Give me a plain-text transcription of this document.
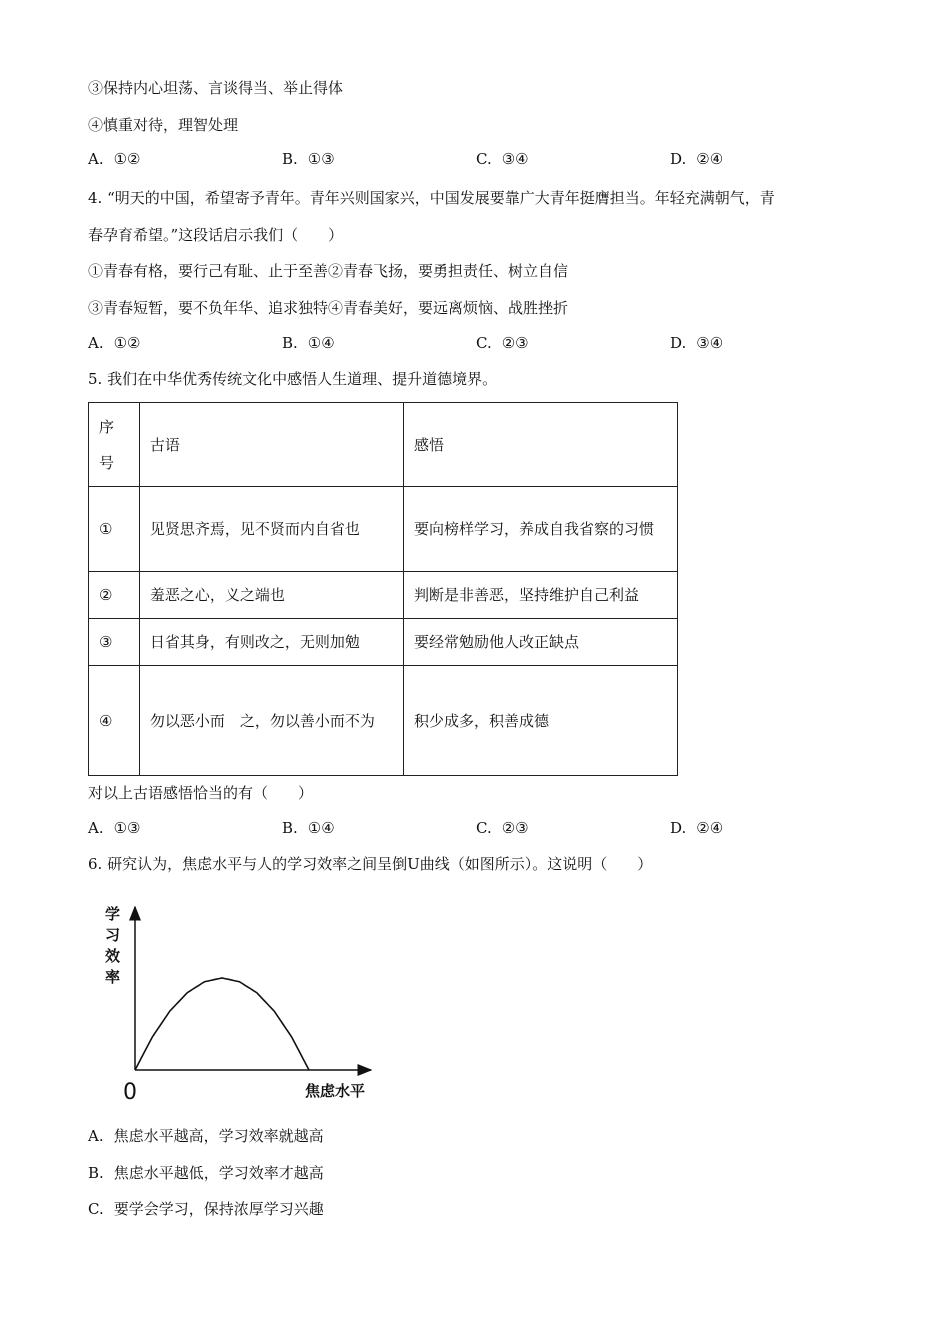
③保持内心坦荡、言谈得当、举止得体
④慎重对待，理智处理
A. ①②	B. ①③	C. ③④	D. ②④
4. “明天的中国，希望寄予青年。青年兴则国家兴，中国发展要靠广大青年挺膺担当。年轻充满朝气，青
春孕育希望。”这段话启示我们（　　）
①青春有格，要行己有耻、止于至善②青春飞扬，要勇担责任、树立自信
③青春短暂，要不负年华、追求独特④青春美好，要远离烦恼、战胜挫折
A. ①②	B. ①④	C. ②③	D. ③④
5. 我们在中华优秀传统文化中感悟人生道理、提升道德境界。
序号	古语	感悟
①	见贤思齐焉，见不贤而内自省也	要向榜样学习，养成自我省察的习惯
②	羞恶之心，义之端也	判断是非善恶，坚持维护自己利益
③	日省其身，有则改之，无则加勉	要经常勉励他人改正缺点
④	勿以恶小而　之，勿以善小而不为	积少成多，积善成德
对以上古语感悟恰当的有（　　）
A. ①③	B. ①④	C. ②③	D. ②④
6. 研究认为，焦虑水平与人的学习效率之间呈倒U曲线（如图所示）。这说明（　　）
学
习
效
率
焦虑水平
0
A. 焦虑水平越高，学习效率就越高
B. 焦虑水平越低，学习效率才越高
C. 要学会学习，保持浓厚学习兴趣
